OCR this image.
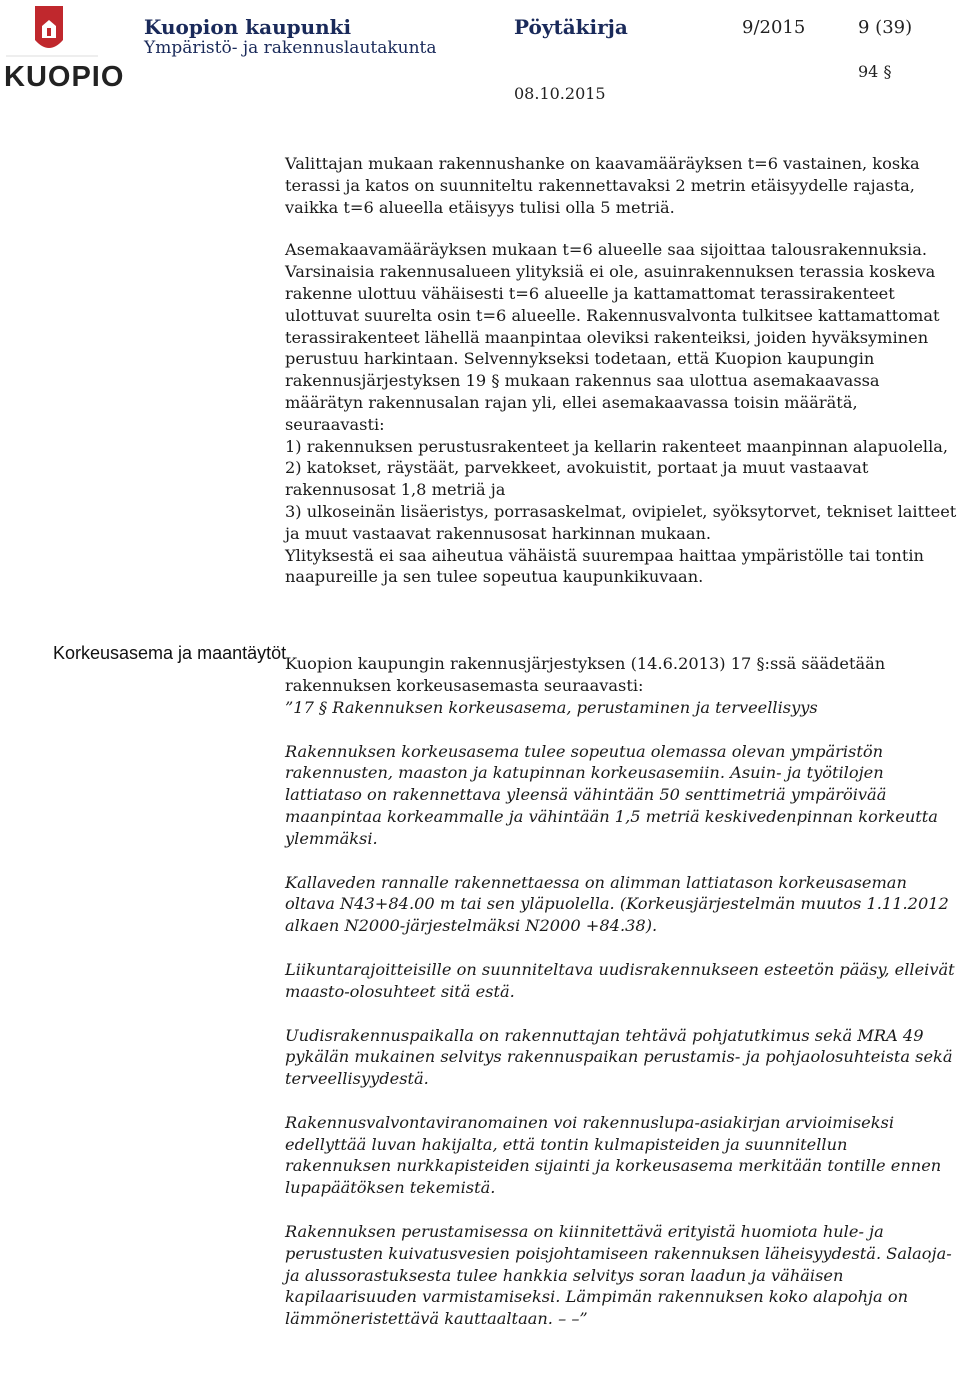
KUOPIO
Kuopion kaupunki
Ympäristö- ja rakennuslautakunta
Pöytäkirja	9/2015	9 (39)
94 §
08.10.2015
Korkeusasema ja maantäytöt

Valittajan mukaan rakennushanke on kaavamääräyksen t=6 vastainen, koska terassi ja katos on suunniteltu rakennettavaksi 2 metrin etäisyydelle rajasta, vaikka t=6 alueella etäisyys tulisi olla 5 metriä.

Asemakaavamääräyksen mukaan t=6 alueelle saa sijoittaa talousrakennuksia. Varsinaisia rakennusalueen ylityksiä ei ole, asuinrakennuksen terassia koskeva rakenne ulottuu vähäisesti t=6 alueelle ja kattamattomat terassirakenteet ulottuvat suurelta osin t=6 alueelle. Rakennusvalvonta tulkitsee kattamattomat terassirakenteet lähellä maanpintaa oleviksi rakenteiksi, joiden hyväksyminen perustuu harkintaan. Selvennykseksi todetaan, että Kuopion kaupungin rakennusjärjestyksen 19 § mukaan rakennus saa ulottua asemakaavassa määrätyn rakennusalan rajan yli, ellei asemakaavassa toisin määrätä, seuraavasti:

1) rakennuksen perustusrakenteet ja kellarin rakenteet maanpinnan alapuolella,

2) katokset, räystäät, parvekkeet, avokuistit, portaat ja muut vastaavat rakennusosat 1,8 metriä ja

3) ulkoseinän lisäeristys, porrasaskelmat, ovipielet, syöksytorvet, tekniset laitteet ja muut vastaavat rakennusosat harkinnan mukaan.

Ylityksestä ei saa aiheutua vähäistä suurempaa haittaa ympäristölle tai tontin naapureille ja sen tulee sopeutua kaupunkikuvaan.

Kuopion kaupungin rakennusjärjestyksen (14.6.2013) 17 §:ssä säädetään rakennuksen korkeusasemasta seuraavasti:

”17 § Rakennuksen korkeusasema, perustaminen ja terveellisyys

Rakennuksen korkeusasema tulee sopeutua olemassa olevan ympäristön rakennusten, maaston ja katupinnan korkeusasemiin. Asuin- ja työtilojen lattiataso on rakennettava yleensä vähintään 50 senttimetriä ympäröivää maanpintaa korkeammalle ja vähintään 1,5 metriä keskivedenpinnan korkeutta ylemmäksi.

Kallaveden rannalle rakennettaessa on alimman lattiatason korkeusaseman oltava N43+84.00 m tai sen yläpuolella. (Korkeusjärjestelmän muutos 1.11.2012 alkaen N2000-järjestelmäksi N2000 +84.38).

Liikuntarajoitteisille on suunniteltava uudisrakennukseen esteetön pääsy, elleivät maasto-olosuhteet sitä estä.

Uudisrakennuspaikalla on rakennuttajan tehtävä pohjatutkimus sekä MRA 49 pykälän mukainen selvitys rakennuspaikan perustamis- ja pohjaolosuhteista sekä terveellisyydestä.

Rakennusvalvontaviranomainen voi rakennuslupa-asiakirjan arvioimiseksi edellyttää luvan hakijalta, että tontin kulmapisteiden ja suunnitellun rakennuksen nurkkapisteiden sijainti ja korkeusasema merkitään tontille ennen lupapäätöksen tekemistä.

Rakennuksen perustamisessa on kiinnitettävä erityistä huomiota hule- ja perustusten kuivatusvesien poisjohtamiseen rakennuksen läheisyydestä. Salaoja- ja alussorastuksesta tulee hankkia selvitys soran laadun ja vähäisen kapilaarisuuden varmistamiseksi. Lämpimän rakennuksen koko alapohja on lämmöneristettävä kauttaaltaan. – –”
